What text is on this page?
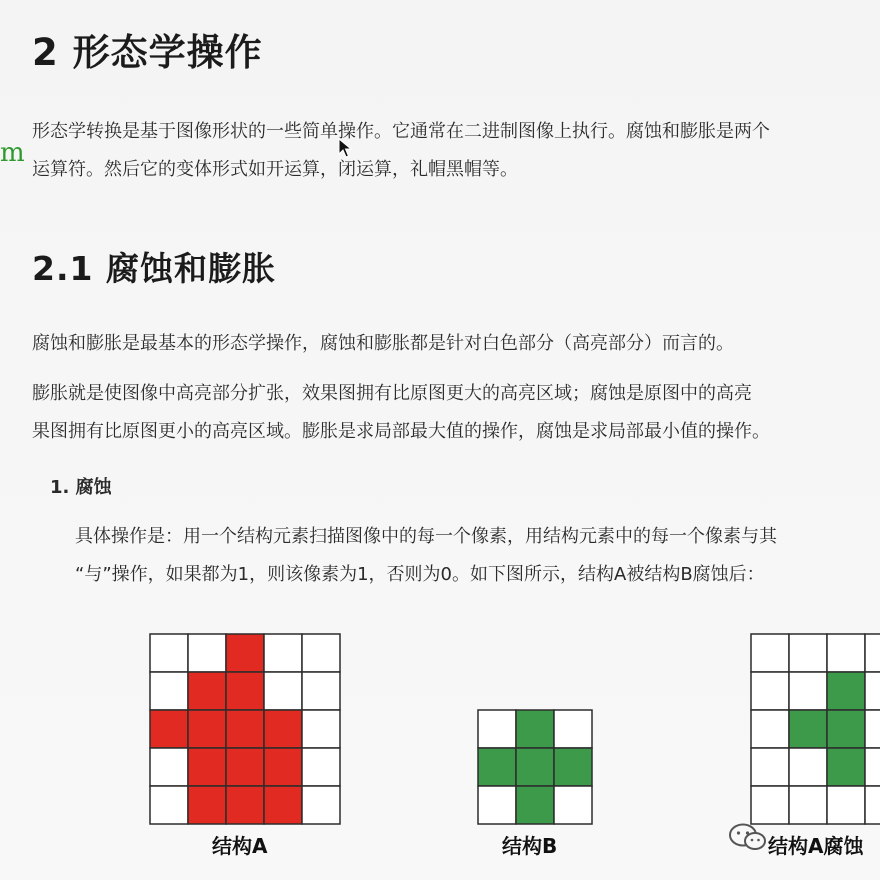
2 形态学操作
m
形态学转换是基于图像形状的一些简单操作。它通常在二进制图像上执行。腐蚀和膨胀是两个
运算符。然后它的变体形式如开运算，闭运算，礼帽黑帽等。
2.1 腐蚀和膨胀
腐蚀和膨胀是最基本的形态学操作，腐蚀和膨胀都是针对白色部分（高亮部分）而言的。
膨胀就是使图像中高亮部分扩张，效果图拥有比原图更大的高亮区域；腐蚀是原图中的高亮
果图拥有比原图更小的高亮区域。膨胀是求局部最大值的操作，腐蚀是求局部最小值的操作。
1. 腐蚀
具体操作是：用一个结构元素扫描图像中的每一个像素，用结构元素中的每一个像素与其
“与”操作，如果都为1，则该像素为1，否则为0。如下图所示，结构A被结构B腐蚀后：
结构A	结构B	结构A腐蚀
